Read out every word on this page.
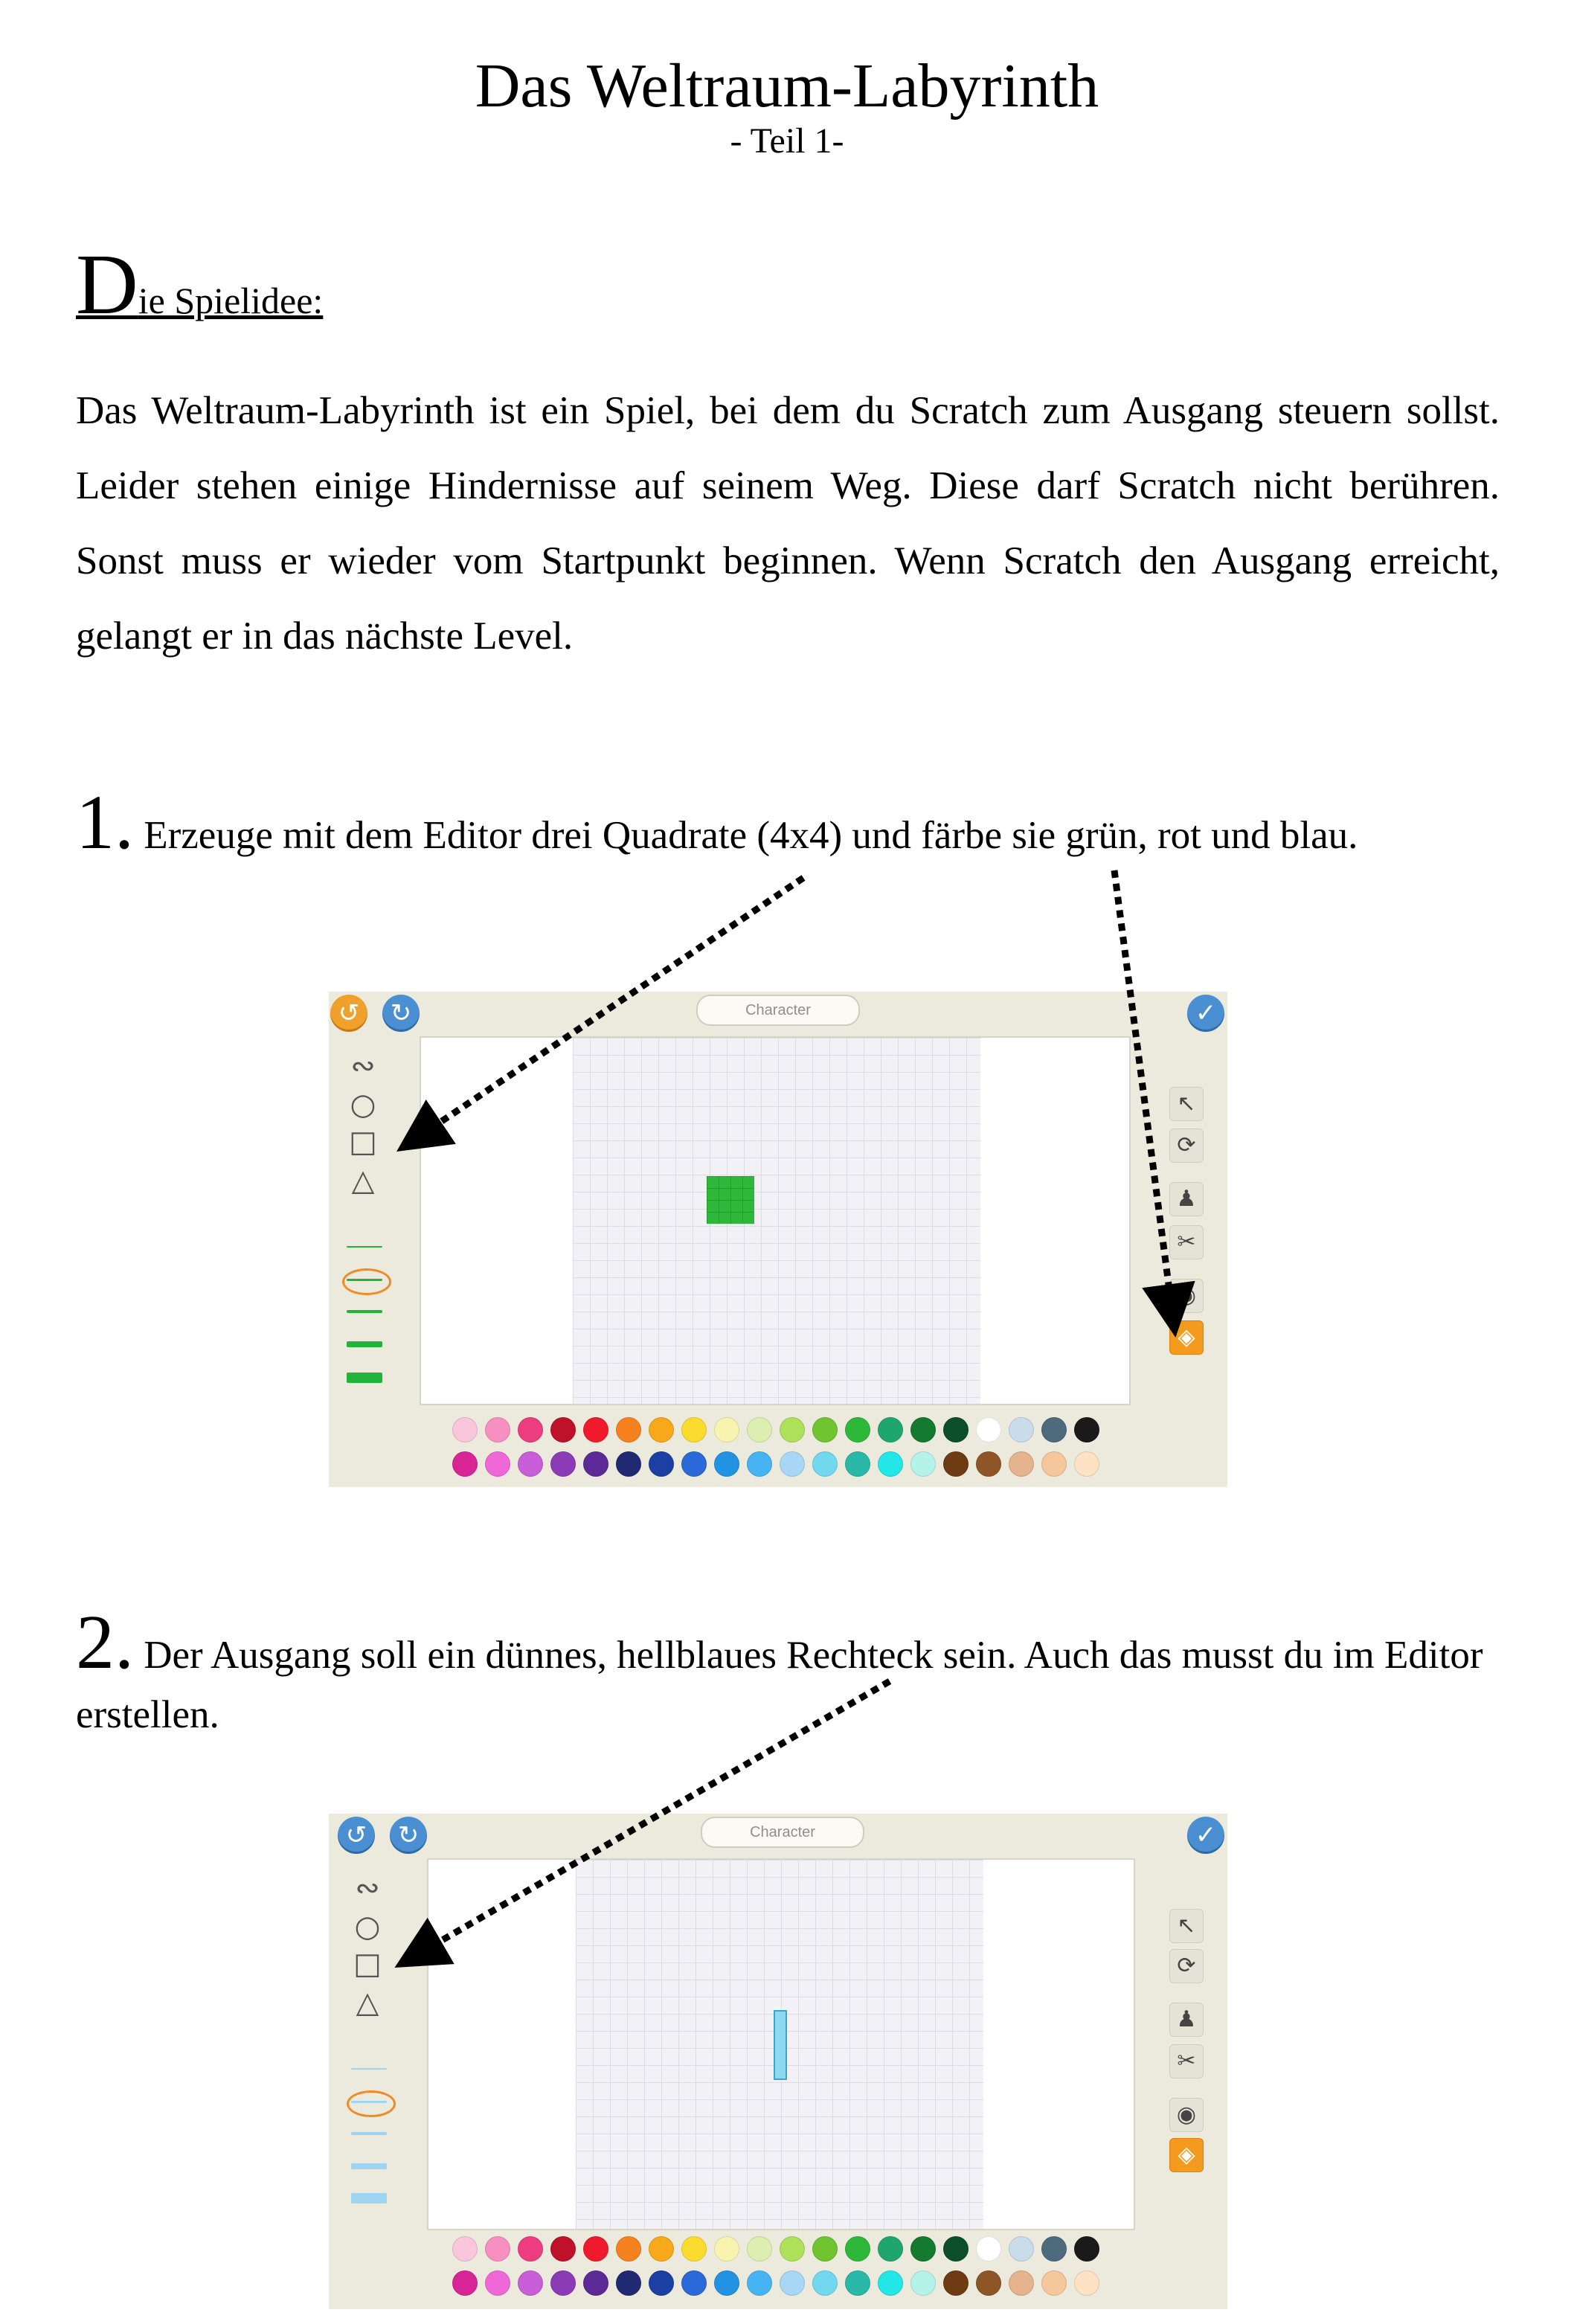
Das Weltraum-Labyrinth
- Teil 1-
Die Spielidee:
Das Weltraum-Labyrinth ist ein Spiel, bei dem du Scratch zum Ausgang steuern sollst. Leider stehen einige Hindernisse auf seinem Weg. Diese darf Scratch nicht berühren. Sonst muss er wieder vom Startpunkt beginnen. Wenn Scratch den Ausgang erreicht, gelangt er in das nächste Level.
1. Erzeuge mit dem Editor drei Quadrate (4x4) und färbe sie grün, rot und blau.
↺	↻	Character	✓
∾
○
□
△
↖
⟳
♟
✂
◉
◈
2. Der Ausgang soll ein dünnes, hellblaues Rechteck sein. Auch das musst du im Editor erstellen.
↺	↻	Character	✓
∾
○
□
△
↖
⟳
♟
✂
◉
◈
